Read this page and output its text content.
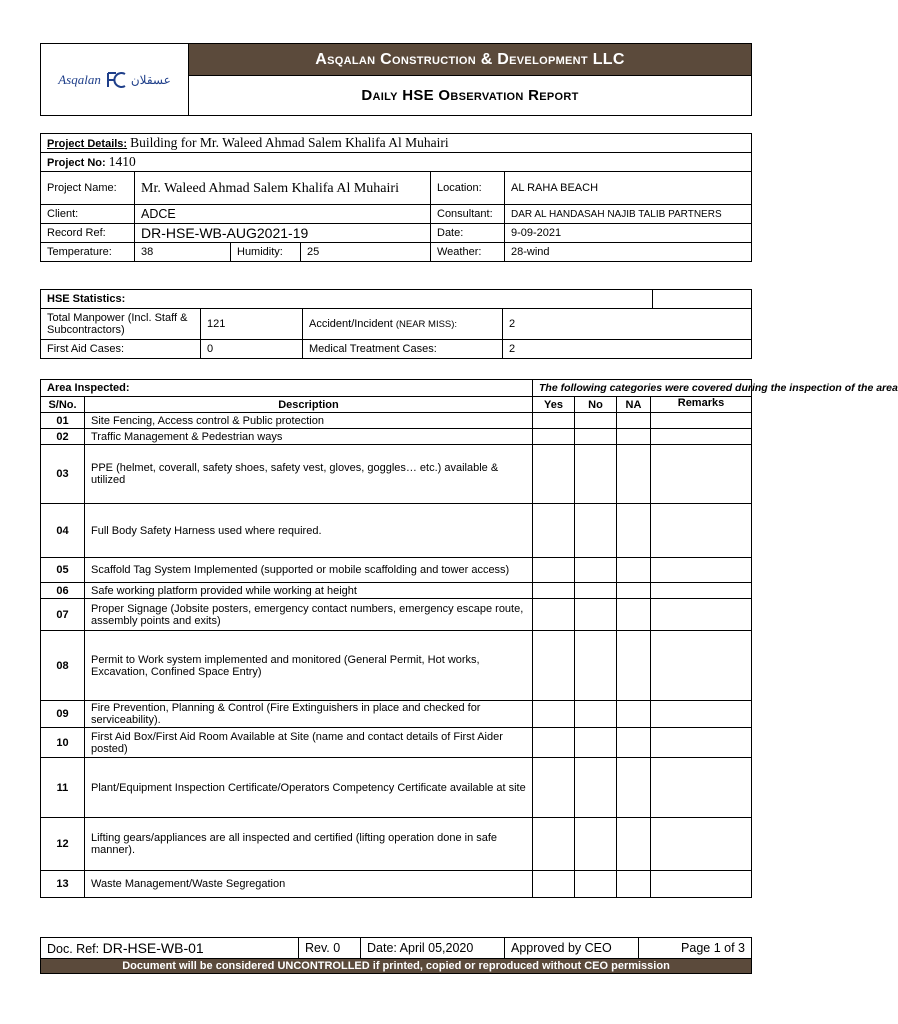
Asqalan	عسقلان
	Asqalan Construction & Development LLC
Daily HSE Observation Report
Project Details: Building for Mr. Waleed Ahmad Salem Khalifa Al Muhairi					
Project No: 1410					
Project Name:	Mr. Waleed Ahmad Salem Khalifa Al Muhairi			Location:	AL RAHA BEACH
Client:	ADCE			Consultant:	DAR AL HANDASAH NAJIB TALIB PARTNERS
Record Ref:	DR-HSE-WB-AUG2021-19			Date:	9-09-2021
Temperature:	38	Humidity:	25	Weather:	28-wind
HSE Statistics:				
Total Manpower (Incl. Staff & Subcontractors)	121	Accident/Incident (NEAR MISS):	2	
First Aid Cases:	0	Medical Treatment Cases:	2	
Area Inspected:		The following categories were covered during the inspection of the area			
S/No.	Description	Yes	No	NA	Remarks
01	Site Fencing, Access control & Public protection				
02	Traffic Management & Pedestrian ways				
03	PPE (helmet, coverall, safety shoes, safety vest, gloves, goggles… etc.) available & utilized				
04	Full Body Safety Harness used where required.				
05	Scaffold Tag System Implemented (supported or mobile scaffolding and tower access)				
06	Safe working platform provided while working at height				
07	Proper Signage (Jobsite posters, emergency contact numbers, emergency escape route, assembly points and exits)				
08	Permit to Work system implemented and monitored (General Permit, Hot works, Excavation, Confined Space Entry)				
09	Fire Prevention, Planning & Control (Fire Extinguishers in place and checked for serviceability).				
10	First Aid Box/First Aid Room Available at Site (name and contact details of First Aider posted)				
11	Plant/Equipment Inspection Certificate/Operators Competency Certificate available at site				
12	Lifting gears/appliances are all inspected and certified (lifting operation done in safe manner).				
13	Waste Management/Waste Segregation				
Doc. Ref: DR-HSE-WB-01	Rev. 0	Date: April 05,2020	Approved by CEO	Page 1 of 3
Document will be considered UNCONTROLLED if printed, copied or reproduced without CEO permission
